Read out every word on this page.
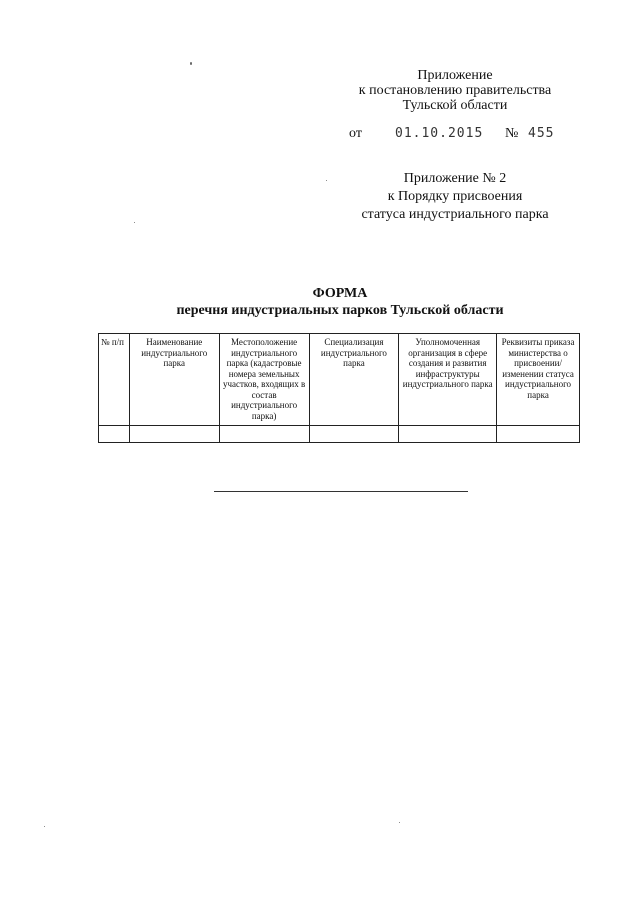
Приложение
к постановлению правительства
Тульской области
от	01.10.2015 № 455
Приложение № 2
к Порядку присвоения
статуса индустриального парка
ФОРМА
перечня индустриальных парков Тульской области
№ п/п	Наименование индустриального парка	Местоположение индустриального парка (кадастровые номера земельных участков, входящих в состав индустриального парка)	Специализация индустриального парка	Уполномоченная организация в сфере создания и развития инфраструктуры индустриального парка	Реквизиты приказа министерства о присвоении/ изменении статуса индустриального парка
